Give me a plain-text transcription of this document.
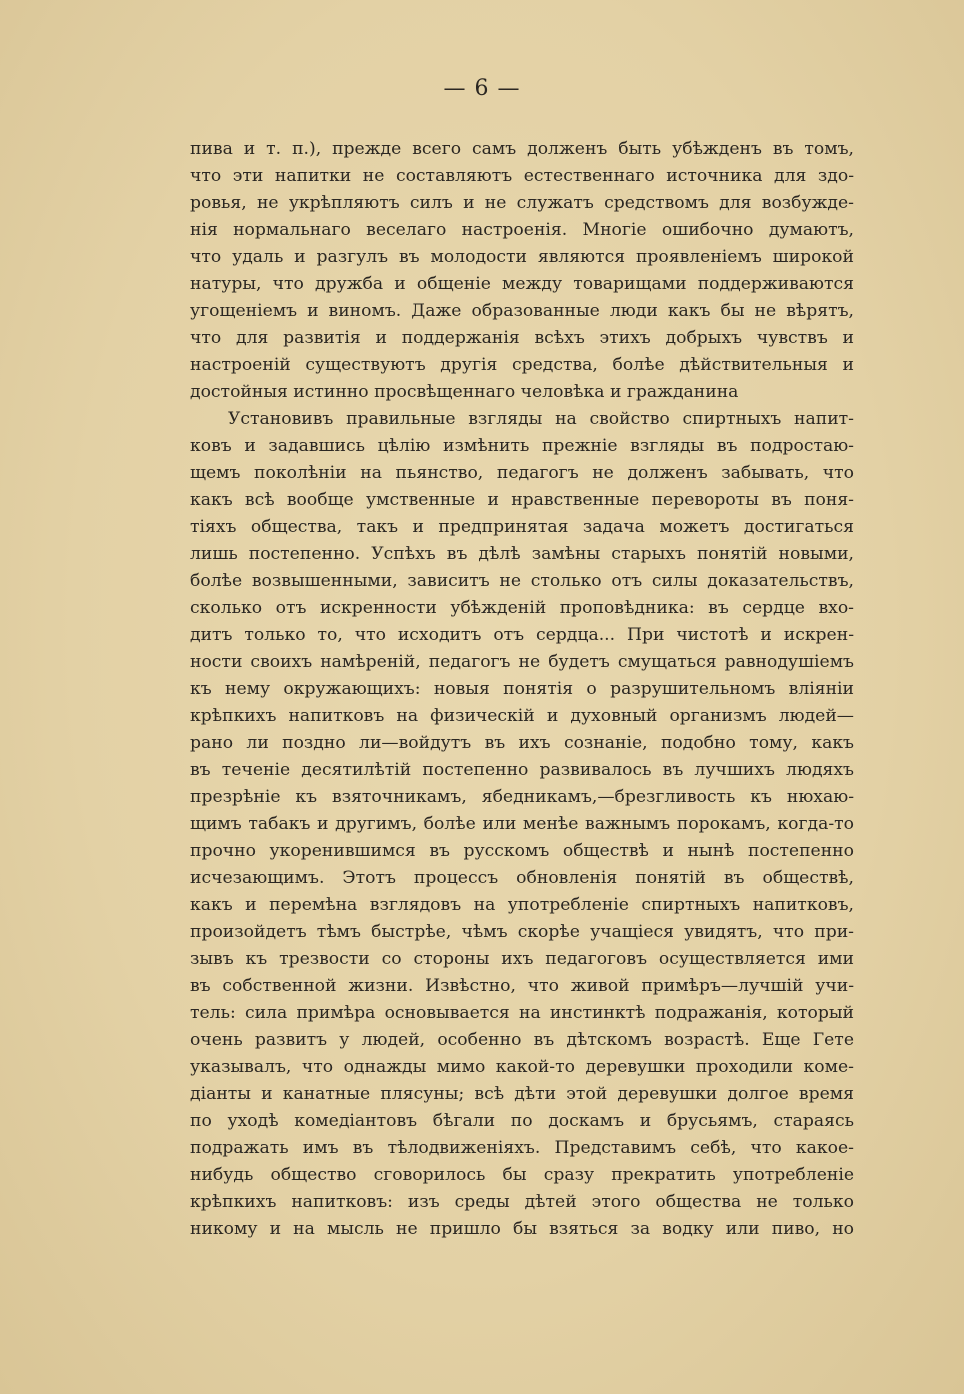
— 6 —
пива и т. п.), прежде всего самъ долженъ быть убѣжденъ въ томъ,
что эти напитки не составляютъ естественнаго источника для здо-
ровья, не укрѣпляютъ силъ и не служатъ средствомъ для возбужде-
нія нормальнаго веселаго настроенія. Многіе ошибочно думаютъ,
что удаль и разгулъ въ молодости являются проявленіемъ широкой
натуры, что дружба и общеніе между товарищами поддерживаются
угощеніемъ и виномъ. Даже образованные люди какъ бы не вѣрятъ,
что для развитія и поддержанія всѣхъ этихъ добрыхъ чувствъ и
настроеній существуютъ другія средства, болѣе дѣйствительныя и
достойныя истинно просвѣщеннаго человѣка и гражданина
Установивъ правильные взгляды на свойство спиртныхъ напит-
ковъ и задавшись цѣлію измѣнить прежніе взгляды въ подростаю-
щемъ поколѣніи на пьянство, педагогъ не долженъ забывать, что
какъ всѣ вообще умственные и нравственные перевороты въ поня-
тіяхъ общества, такъ и предпринятая задача можетъ достигаться
лишь постепенно. Успѣхъ въ дѣлѣ замѣны старыхъ понятій новыми,
болѣе возвышенными, зависитъ не столько отъ силы доказательствъ,
сколько отъ искренности убѣжденій проповѣдника: въ сердце вхо-
дитъ только то, что исходитъ отъ сердца... При чистотѣ и искрен-
ности своихъ намѣреній, педагогъ не будетъ смущаться равнодушіемъ
къ нему окружающихъ: новыя понятія о разрушительномъ вліяніи
крѣпкихъ напитковъ на физическій и духовный организмъ людей—
рано ли поздно ли—войдутъ въ ихъ сознаніе, подобно тому, какъ
въ теченіе десятилѣтій постепенно развивалось въ лучшихъ людяхъ
презрѣніе къ взяточникамъ, ябедникамъ,—брезгливость къ нюхаю-
щимъ табакъ и другимъ, болѣе или менѣе важнымъ порокамъ, когда-то
прочно укоренившимся въ русскомъ обществѣ и нынѣ постепенно
исчезающимъ. Этотъ процессъ обновленія понятій въ обществѣ,
какъ и перемѣна взглядовъ на употребленіе спиртныхъ напитковъ,
произойдетъ тѣмъ быстрѣе, чѣмъ скорѣе учащіеся увидятъ, что при-
зывъ къ трезвости со стороны ихъ педагоговъ осуществляется ими
въ собственной жизни. Извѣстно, что живой примѣръ—лучшій учи-
тель: сила примѣра основывается на инстинктѣ подражанія, который
очень развитъ у людей, особенно въ дѣтскомъ возрастѣ. Еще Гете
указывалъ, что однажды мимо какой-то деревушки проходили коме-
діанты и канатные плясуны; всѣ дѣти этой деревушки долгое время
по уходѣ комедіантовъ бѣгали по доскамъ и брусьямъ, стараясь
подражать имъ въ тѣлодвиженіяхъ. Представимъ себѣ, что какое-
нибудь общество сговорилось бы сразу прекратить употребленіе
крѣпкихъ напитковъ: изъ среды дѣтей этого общества не только
никому и на мысль не пришло бы взяться за водку или пиво, но
